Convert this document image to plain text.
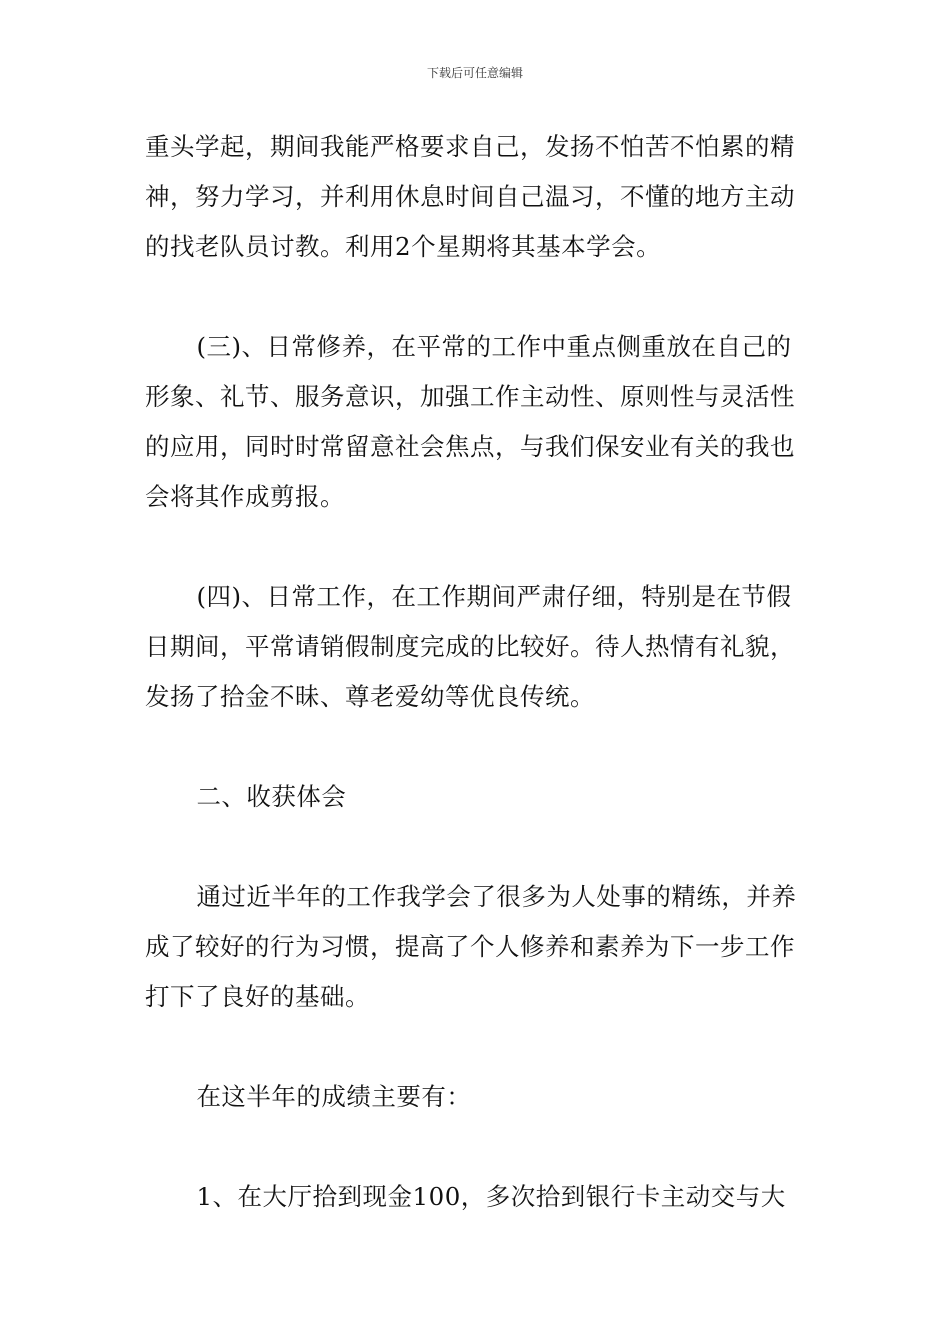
下载后可任意编辑

重头学起，期间我能严格要求自己，发扬不怕苦不怕累的精神，努力学习，并利用休息时间自己温习，不懂的地方主动的找老队员讨教。利用2个星期将其基本学会。

(三)、日常修养，在平常的工作中重点侧重放在自己的形象、礼节、服务意识，加强工作主动性、原则性与灵活性的应用，同时时常留意社会焦点，与我们保安业有关的我也会将其作成剪报。

(四)、日常工作，在工作期间严肃仔细，特别是在节假日期间，平常请销假制度完成的比较好。待人热情有礼貌，发扬了拾金不昧、尊老爱幼等优良传统。

二、收获体会

通过近半年的工作我学会了很多为人处事的精练，并养成了较好的行为习惯，提高了个人修养和素养为下一步工作打下了良好的基础。

在这半年的成绩主要有：

1、在大厅拾到现金100，多次拾到银行卡主动交与大
